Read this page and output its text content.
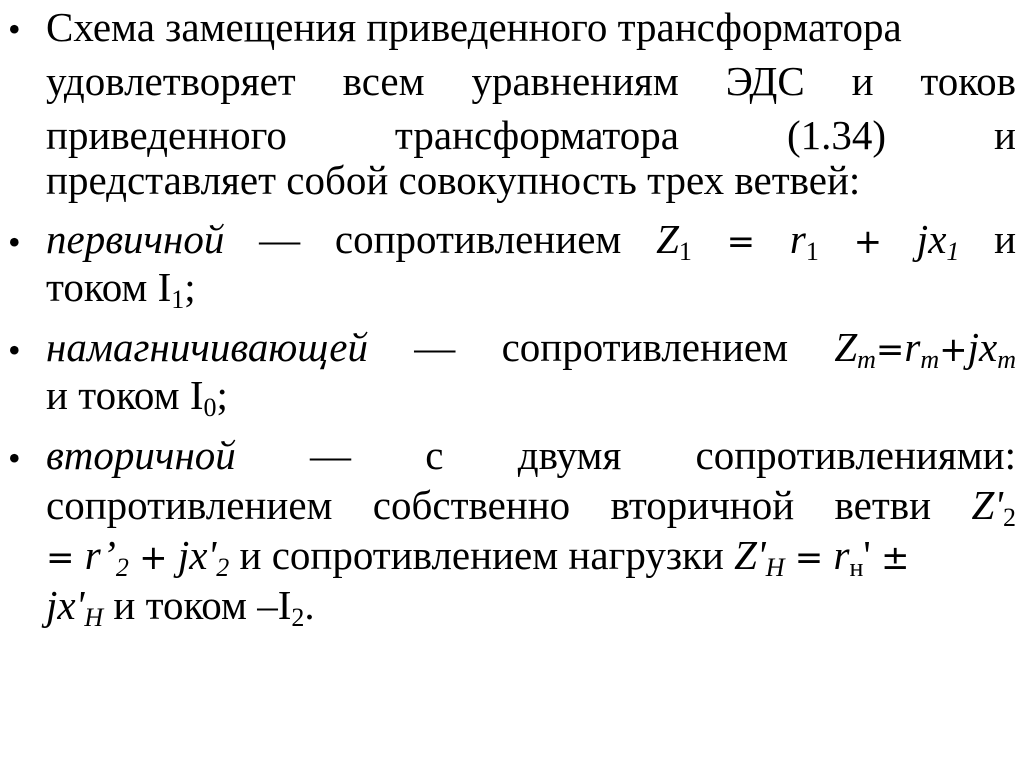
• Схема замещения приведенного трансформатора
удовлетворяет всем уравнениям ЭДС и токов
приведенного	трансформатора	(1.34)	и
представляет собой совокупность трех ветвей:
• первичной — сопротивлением $Z_1 = r_1 + jx_1$ и
током $I_1$;
• намагничивающей — сопротивлением $Z_m=r_m+jx_m$
и током $I_0$;
• вторичной — с двумя сопротивлениями:
сопротивлением собственно вторичной ветви $Z'_2$
= $r’_2 + jx'_2$ и сопротивлением нагрузки $Z'_Н = r_н'$ ±
$jx'_Н$ и током $-I_2$.
